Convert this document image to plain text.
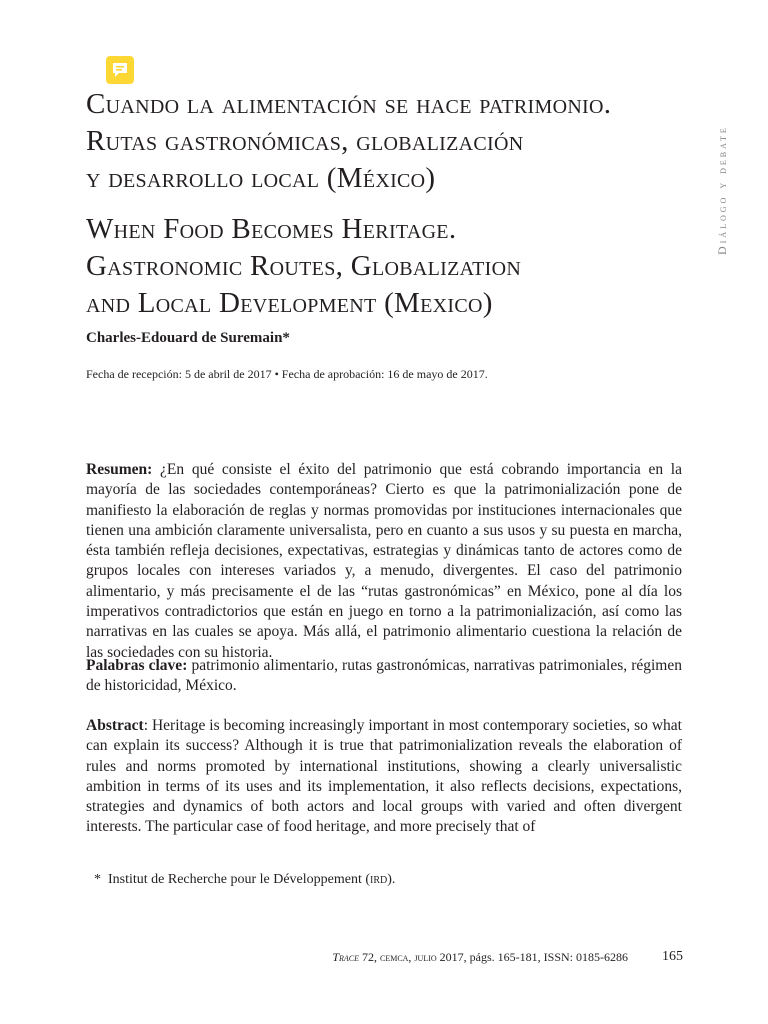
Diálogo y debate
Cuando la alimentación se hace patrimonio.
Rutas gastronómicas, globalización
y desarrollo local (México)
When Food Becomes Heritage.
Gastronomic Routes, Globalization
and Local Development (Mexico)
Charles-Edouard de Suremain*
Fecha de recepción: 5 de abril de 2017 • Fecha de aprobación: 16 de mayo de 2017.

Resumen: ¿En qué consiste el éxito del patrimonio que está cobrando importancia en la mayoría de las sociedades contemporáneas? Cierto es que la patrimonialización pone de manifiesto la elaboración de reglas y normas promovidas por instituciones internacionales que tienen una ambición claramente universalista, pero en cuanto a sus usos y su puesta en marcha, ésta también refleja decisiones, expectativas, estrategias y dinámicas tanto de actores como de grupos locales con intereses variados y, a menudo, divergentes. El caso del patrimonio alimentario, y más precisamente el de las “rutas gastronómicas” en México, pone al día los imperativos contradictorios que están en juego en torno a la patrimonialización, así como las narrativas en las cuales se apoya. Más allá, el patrimonio alimentario cuestiona la relación de las sociedades con su historia.

Palabras clave: patrimonio alimentario, rutas gastronómicas, narrativas patrimoniales, régimen de historicidad, México.

Abstract: Heritage is becoming increasingly important in most contemporary societies, so what can explain its success? Although it is true that patrimonialization reveals the elaboration of rules and norms promoted by international institutions, showing a clearly universalistic ambition in terms of its uses and its implementation, it also reflects decisions, expectations, strategies and dynamics of both actors and local groups with varied and often divergent interests. The particular case of food heritage, and more precisely that of

* Institut de Recherche pour le Développement (ird).
Trace 72, cemca, julio 2017, págs. 165-181, ISSN: 0185-6286 165
